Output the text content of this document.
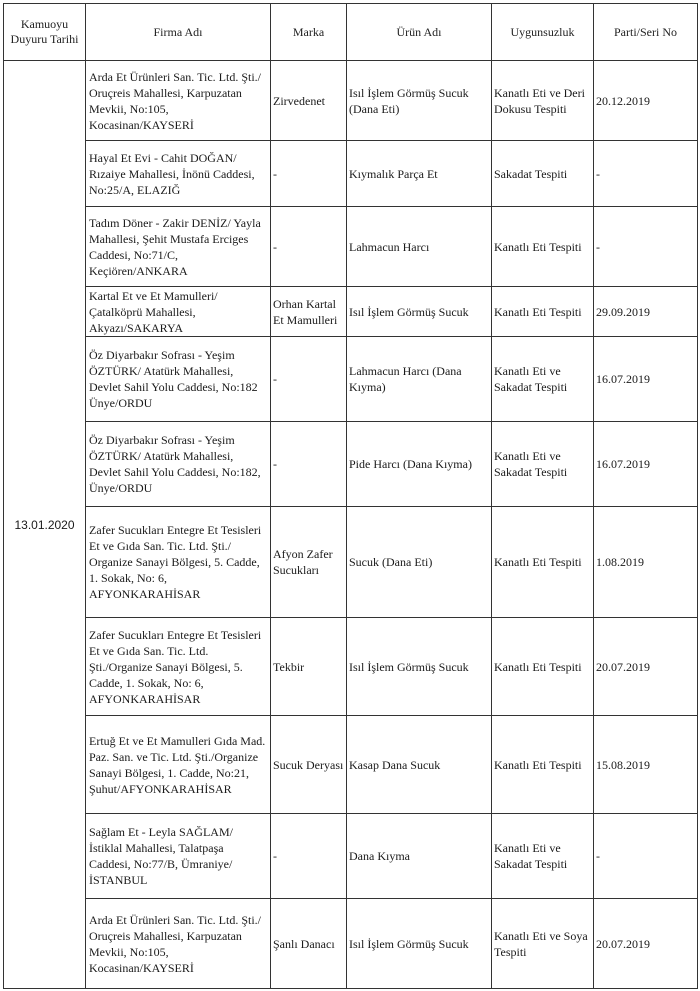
Kamuoyu Duyuru Tarihi	Firma Adı	Marka	Ürün Adı	Uygunsuzluk	Parti/Seri No
13.01.2020	Arda Et Ürünleri San. Tic. Ltd. Şti./ Oruçreis Mahallesi, Karpuzatan Mevkii, No:105, Kocasinan/KAYSERİ	Zirvedenet	Isıl İşlem Görmüş Sucuk (Dana Eti)	Kanatlı Eti ve Deri Dokusu Tespiti	20.12.2019
	Hayal Et Evi - Cahit DOĞAN/ Rızaiye Mahallesi, İnönü Caddesi, No:25/A, ELAZIĞ	-	Kıymalık Parça Et	Sakadat Tespiti	-
	Tadım Döner - Zakir DENİZ/ Yayla Mahallesi, Şehit Mustafa Erciges Caddesi, No:71/C, Keçiören/ANKARA	-	Lahmacun Harcı	Kanatlı Eti Tespiti	-
	Kartal Et ve Et Mamulleri/ Çatalköprü Mahallesi, Akyazı/SAKARYA	Orhan Kartal Et Mamulleri	Isıl İşlem Görmüş Sucuk	Kanatlı Eti Tespiti	29.09.2019
	Öz Diyarbakır Sofrası - Yeşim ÖZTÜRK/ Atatürk Mahallesi, Devlet Sahil Yolu Caddesi, No:182 Ünye/ORDU	-	Lahmacun Harcı (Dana Kıyma)	Kanatlı Eti ve Sakadat Tespiti	16.07.2019
	Öz Diyarbakır Sofrası - Yeşim ÖZTÜRK/ Atatürk Mahallesi, Devlet Sahil Yolu Caddesi, No:182, Ünye/ORDU	-	Pide Harcı (Dana Kıyma)	Kanatlı Eti ve Sakadat Tespiti	16.07.2019
	Zafer Sucukları Entegre Et Tesisleri Et ve Gıda San. Tic. Ltd. Şti./ Organize Sanayi Bölgesi, 5. Cadde, 1. Sokak, No: 6, AFYONKARAHİSAR	Afyon Zafer Sucukları	Sucuk (Dana Eti)	Kanatlı Eti Tespiti	1.08.2019
	Zafer Sucukları Entegre Et Tesisleri Et ve Gıda San. Tic. Ltd. Şti./Organize Sanayi Bölgesi, 5. Cadde, 1. Sokak, No: 6, AFYONKARAHİSAR	Tekbir	Isıl İşlem Görmüş Sucuk	Kanatlı Eti Tespiti	20.07.2019
	Ertuğ Et ve Et Mamulleri Gıda Mad. Paz. San. ve Tic. Ltd. Şti./Organize Sanayi Bölgesi, 1. Cadde, No:21, Şuhut/AFYONKARAHİSAR	Sucuk Deryası	Kasap Dana Sucuk	Kanatlı Eti Tespiti	15.08.2019
	Sağlam Et - Leyla SAĞLAM/ İstiklal Mahallesi, Talatpaşa Caddesi, No:77/B, Ümraniye/İSTANBUL	-	Dana Kıyma	Kanatlı Eti ve Sakadat Tespiti	-
	Arda Et Ürünleri San. Tic. Ltd. Şti./ Oruçreis Mahallesi, Karpuzatan Mevkii, No:105, Kocasinan/KAYSERİ	Şanlı Danacı	Isıl İşlem Görmüş Sucuk	Kanatlı Eti ve Soya Tespiti	20.07.2019
